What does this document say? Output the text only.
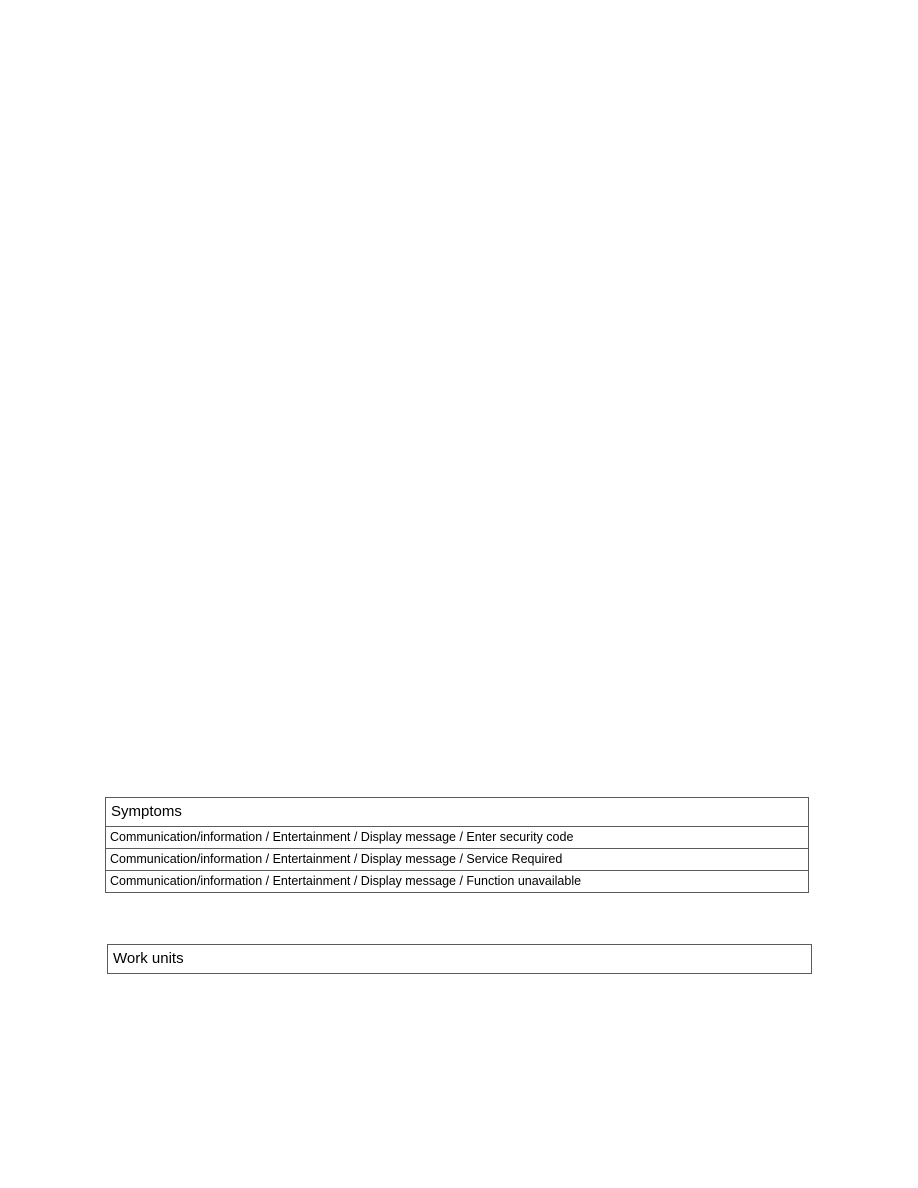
Symptoms
Communication/information / Entertainment / Display message / Enter security code
Communication/information / Entertainment / Display message / Service Required
Communication/information / Entertainment / Display message / Function unavailable
Work units
